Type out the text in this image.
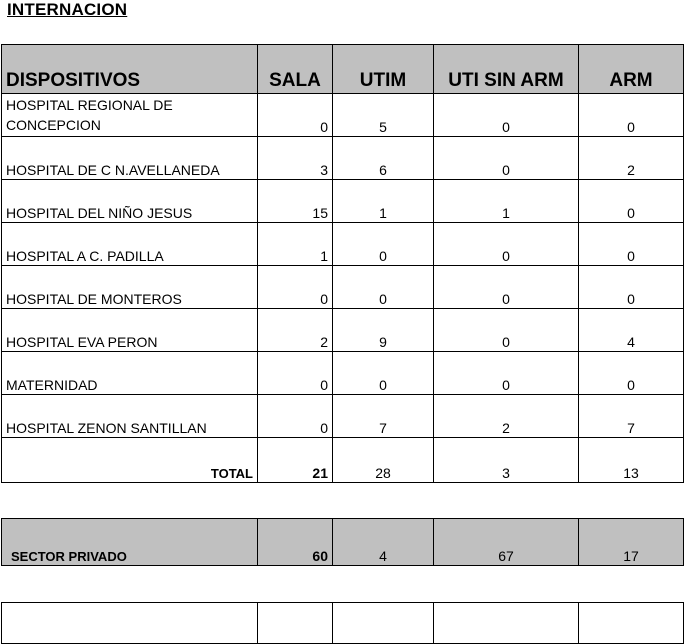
INTERNACION
DISPOSITIVOS	SALA	UTIM	UTI SIN ARM	ARM

HOSPITAL REGIONAL DE
CONCEPCION	0	5	0	0
HOSPITAL DE C N.AVELLANEDA	3	6	0	2
HOSPITAL DEL NIÑO JESUS	15	1	1	0
HOSPITAL A C. PADILLA	1	0	0	0
HOSPITAL DE MONTEROS	0	0	0	0
HOSPITAL EVA PERON	2	9	0	4
MATERNIDAD	0	0	0	0
HOSPITAL ZENON SANTILLAN	0	7	2	7
TOTAL	21	28	3	13
SECTOR PRIVADO	60	4	67	17
